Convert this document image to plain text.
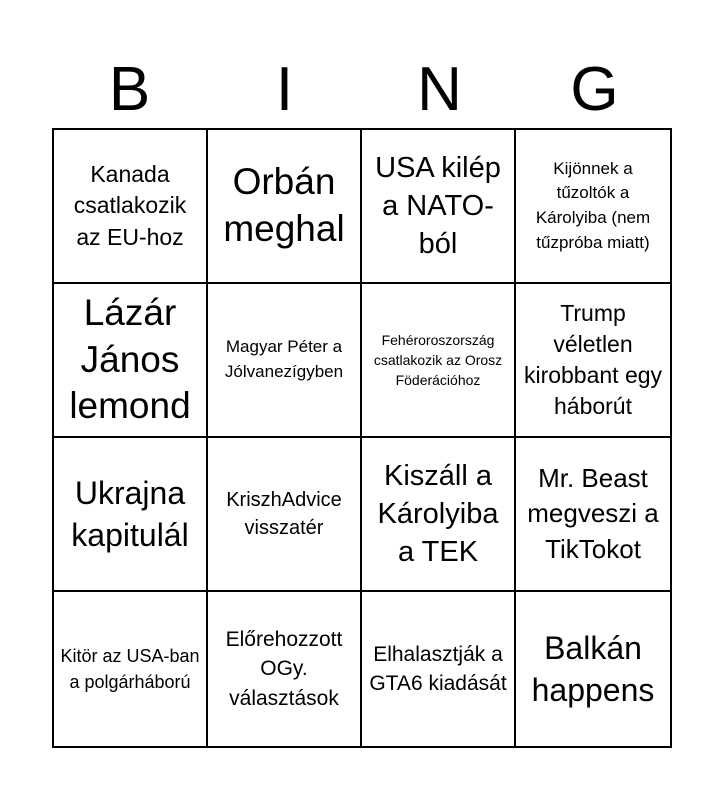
B	I	N	G
Kanada csatlakozik az EU-hoz
Orbán meghal
USA kilép a NATO-ból
Kijönnek a tűzoltók a Károlyiba (nem tűzpróba miatt)
Lázár János lemond
Magyar Péter a Jólvanezígyben
Fehéroroszország csatlakozik az Orosz Föderációhoz
Trump véletlen kirobbant egy háborút
Ukrajna kapitulál
KriszhAdvice visszatér
Kiszáll a Károlyiba a TEK
Mr. Beast megveszi a TikTokot
Kitör az USA-ban a polgárháború
Előrehozzott OGy. választások
Elhalasztják a GTA6 kiadását
Balkán happens
